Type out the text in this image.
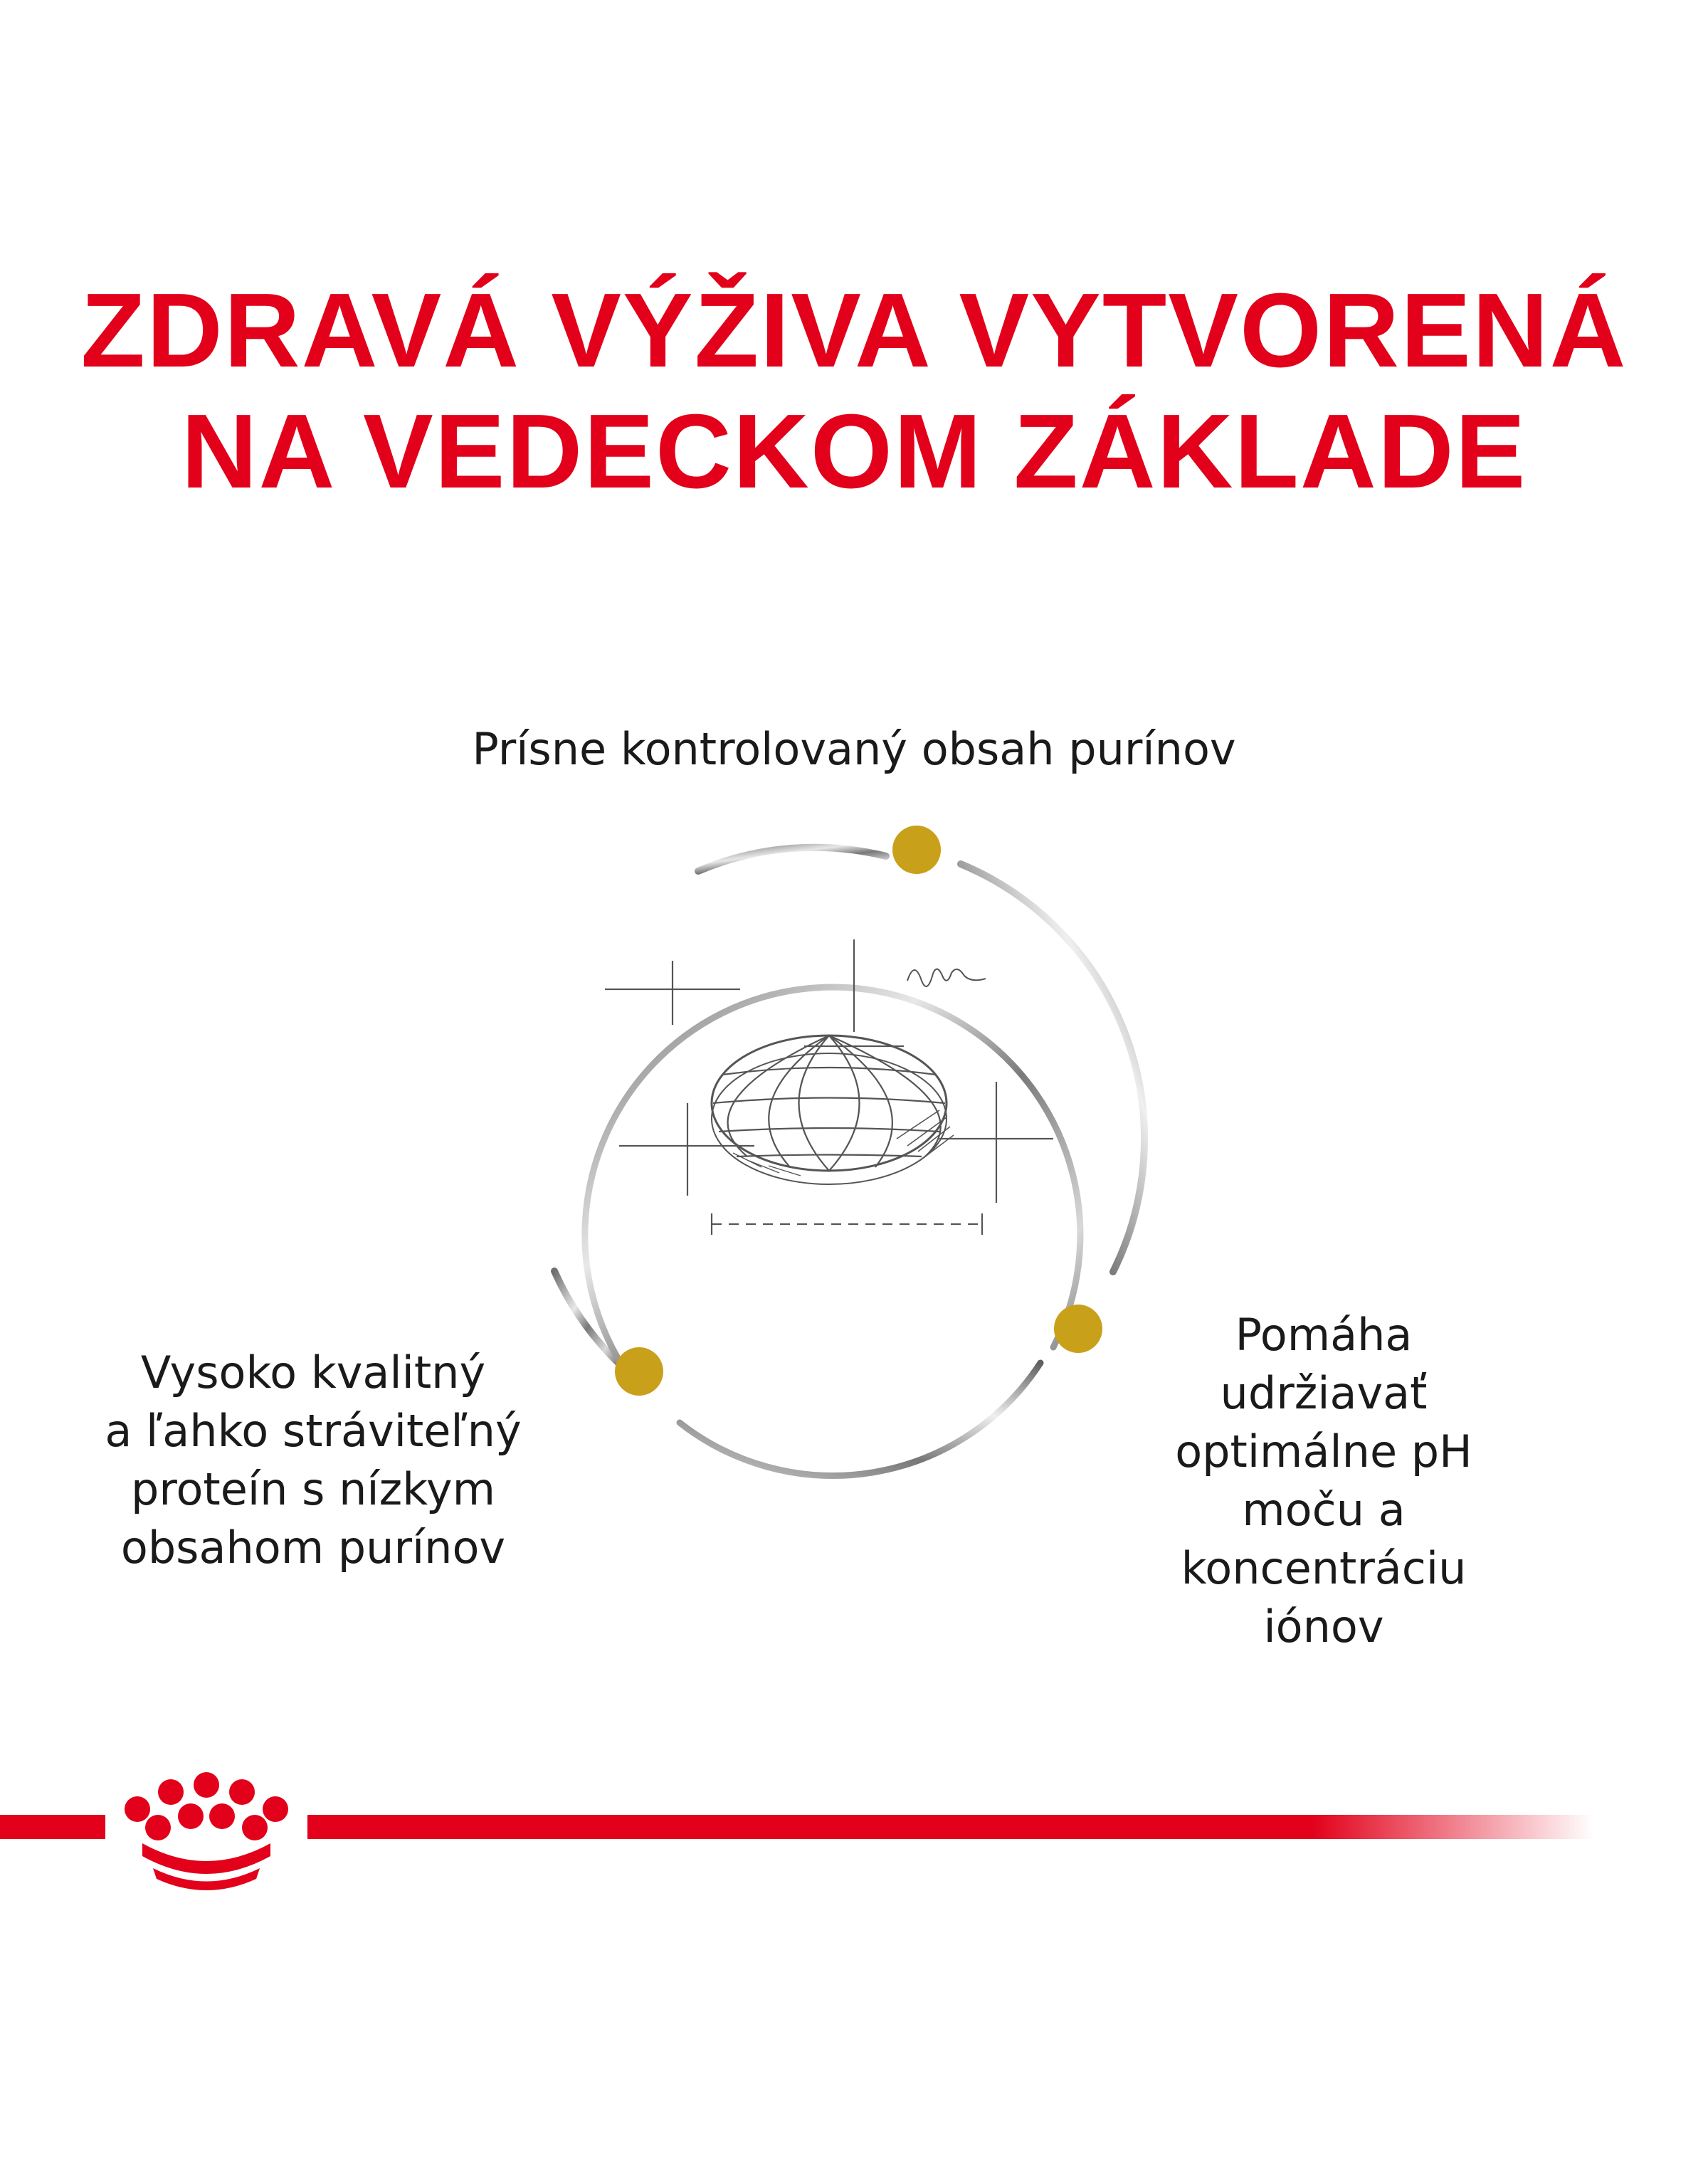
ZDRAVÁ VÝŽIVA VYTVORENÁ
NA VEDECKOM ZÁKLADE
Prísne kontrolovaný obsah purínov
Vysoko kvalitný
a ľahko stráviteľný
proteín s nízkym
obsahom purínov
Pomáha
udržiavať
optimálne pH
moču a
koncentráciu
iónov
